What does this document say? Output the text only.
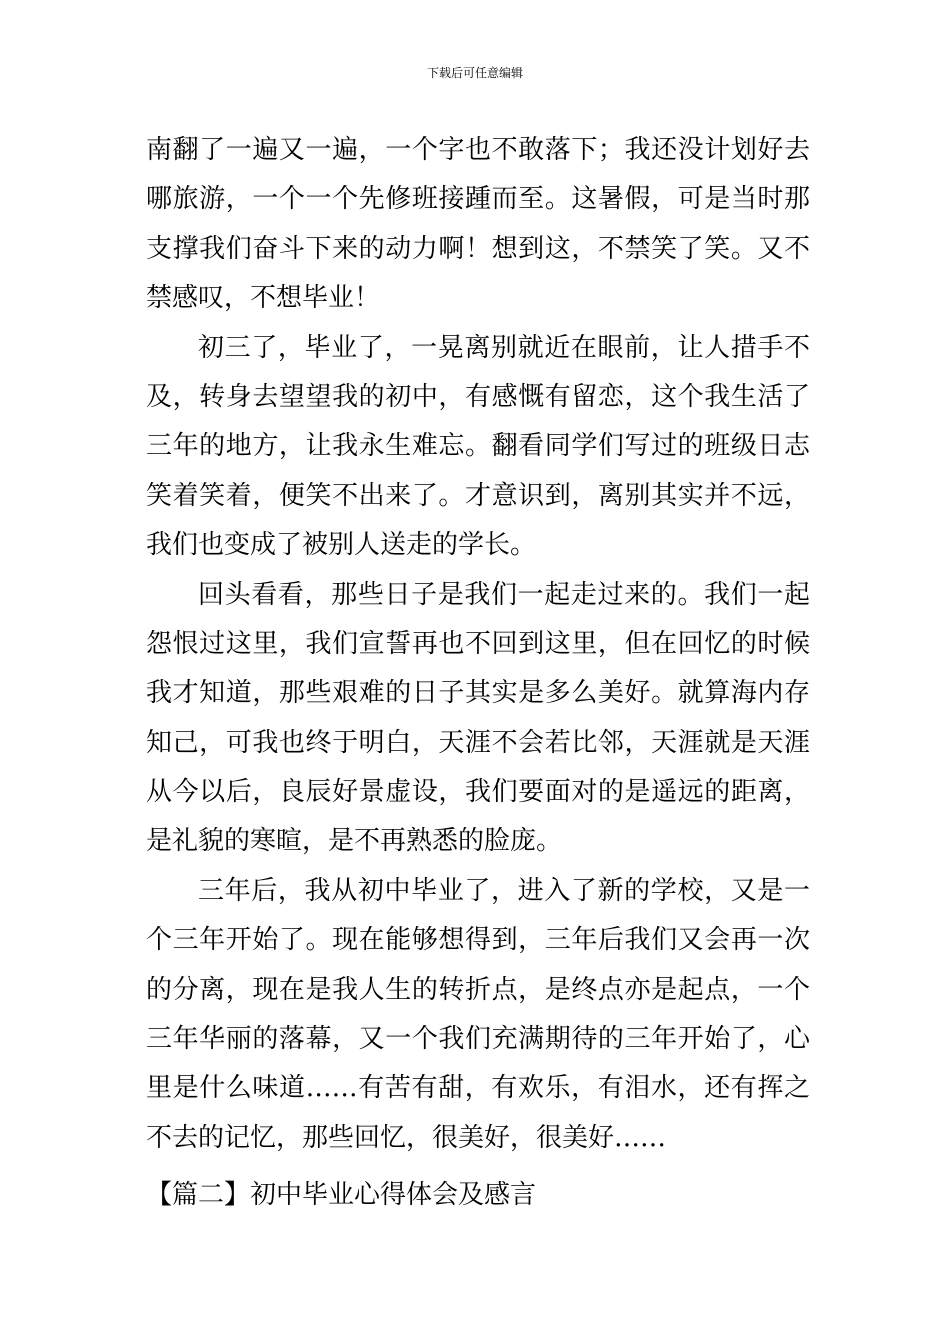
下载后可任意编辑
南翻了一遍又一遍，一个字也不敢落下；我还没计划好去
哪旅游，一个一个先修班接踵而至。这暑假，可是当时那
支撑我们奋斗下来的动力啊！想到这，不禁笑了笑。又不
禁感叹，不想毕业！
初三了，毕业了，一晃离别就近在眼前，让人措手不
及，转身去望望我的初中，有感慨有留恋，这个我生活了
三年的地方，让我永生难忘。翻看同学们写过的班级日志
笑着笑着，便笑不出来了。才意识到，离别其实并不远，
我们也变成了被别人送走的学长。
回头看看，那些日子是我们一起走过来的。我们一起
怨恨过这里，我们宣誓再也不回到这里，但在回忆的时候
我才知道，那些艰难的日子其实是多么美好。就算海内存
知己，可我也终于明白，天涯不会若比邻，天涯就是天涯
从今以后，良辰好景虚设，我们要面对的是遥远的距离，
是礼貌的寒暄，是不再熟悉的脸庞。
三年后，我从初中毕业了，进入了新的学校，又是一
个三年开始了。现在能够想得到，三年后我们又会再一次
的分离，现在是我人生的转折点，是终点亦是起点，一个
三年华丽的落幕，又一个我们充满期待的三年开始了，心
里是什么味道……有苦有甜，有欢乐，有泪水，还有挥之
不去的记忆，那些回忆，很美好，很美好……
【篇二】初中毕业心得体会及感言
